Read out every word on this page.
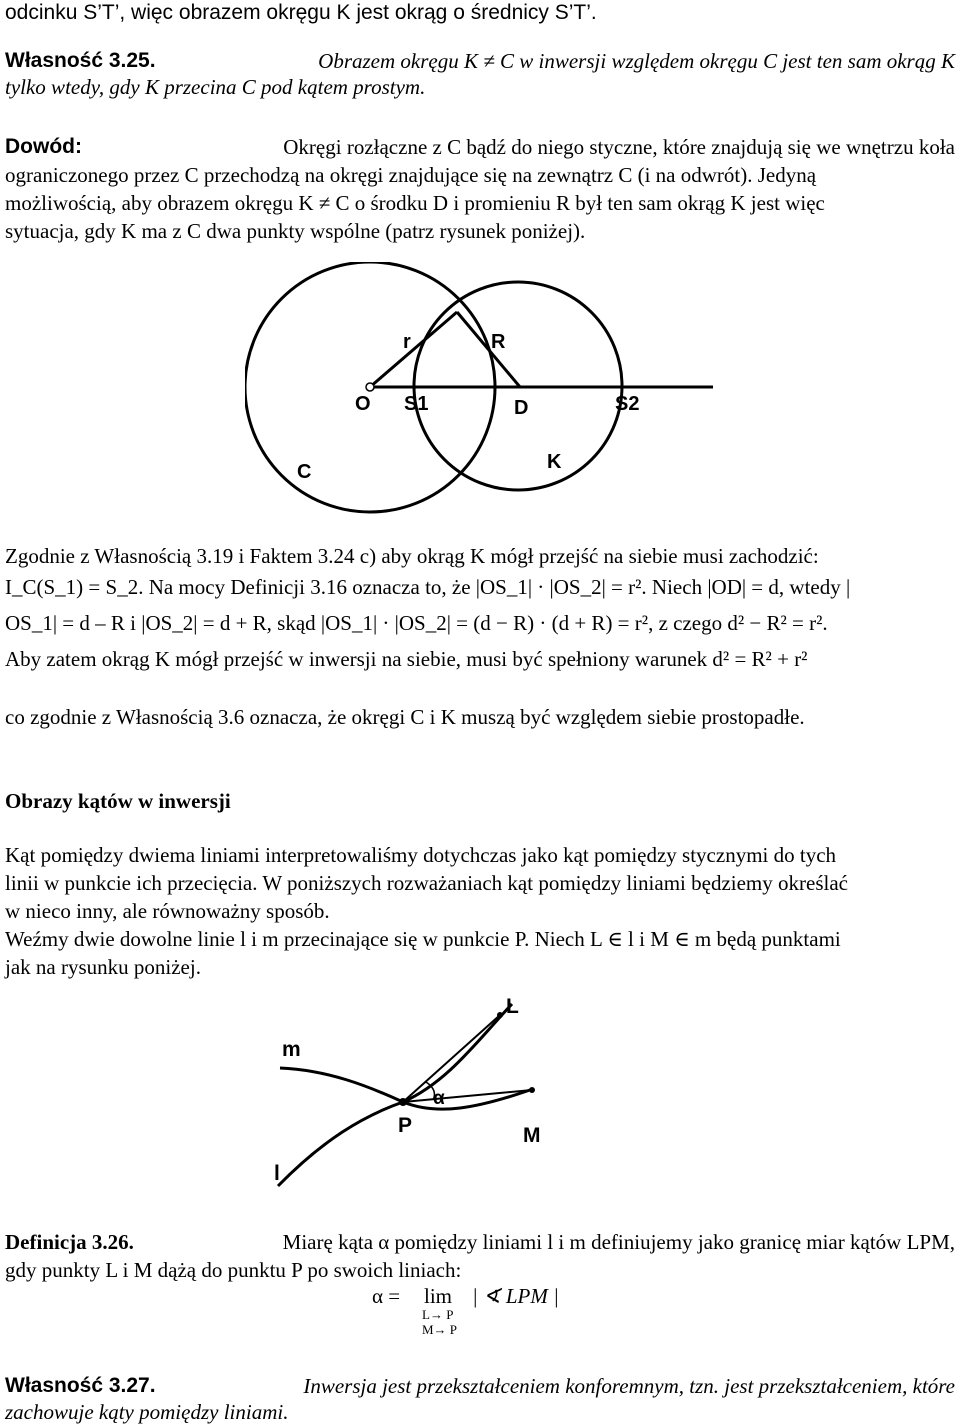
odcinku S’T’, więc obrazem okręgu K jest okrąg o średnicy S’T’.
Własność 3.25.	Obrazem okręgu K ≠ C w inwersji względem okręgu C jest ten sam okrąg K
tylko wtedy, gdy K przecina C pod kątem prostym.
Dowód:	Okręgi rozłączne z C bądź do niego styczne, które znajdują się we wnętrzu koła
ograniczonego przez C przechodzą na okręgi znajdujące się na zewnątrz C (i na odwrót). Jedyną
możliwością, aby obrazem okręgu K ≠ C o środku D i promieniu R był ten sam okrąg K jest więc
sytuacja, gdy K ma z C dwa punkty wspólne (patrz rysunek poniżej).
r	R
O S1	D	S2
C	K
Zgodnie z Własnością 3.19 i Faktem 3.24 c) aby okrąg K mógł przejść na siebie musi zachodzić:
I_C(S_1) = S_2. Na mocy Definicji 3.16 oznacza to, że |OS_1| · |OS_2| = r². Niech |OD| = d, wtedy |
OS_1| = d – R i |OS_2| = d + R, skąd |OS_1| · |OS_2| = (d − R) · (d + R) = r², z czego d² − R² = r².
Aby zatem okrąg K mógł przejść w inwersji na siebie, musi być spełniony warunek d² = R² + r²
co zgodnie z Własnością 3.6 oznacza, że okręgi C i K muszą być względem siebie prostopadłe.
Obrazy kątów w inwersji
Kąt pomiędzy dwiema liniami interpretowaliśmy dotychczas jako kąt pomiędzy stycznymi do tych
linii w punkcie ich przecięcia. W poniższych rozważaniach kąt pomiędzy liniami będziemy określać
w nieco inny, ale równoważny sposób.
Weźmy dwie dowolne linie l i m przecinające się w punkcie P. Niech L ∈ l i M ∈ m będą punktami
jak na rysunku poniżej.
L
m
α
P	M
l
Definicja 3.26.	Miarę kąta α pomiędzy liniami l i m definiujemy jako granicę miar kątów LPM,
gdy punkty L i M dążą do punktu P po swoich liniach:
α = lim
L→ P
M→ P
| ∢ LPM |
Własność 3.27.	Inwersja jest przekształceniem konforemnym, tzn. jest przekształceniem, które
zachowuje kąty pomiędzy liniami.
